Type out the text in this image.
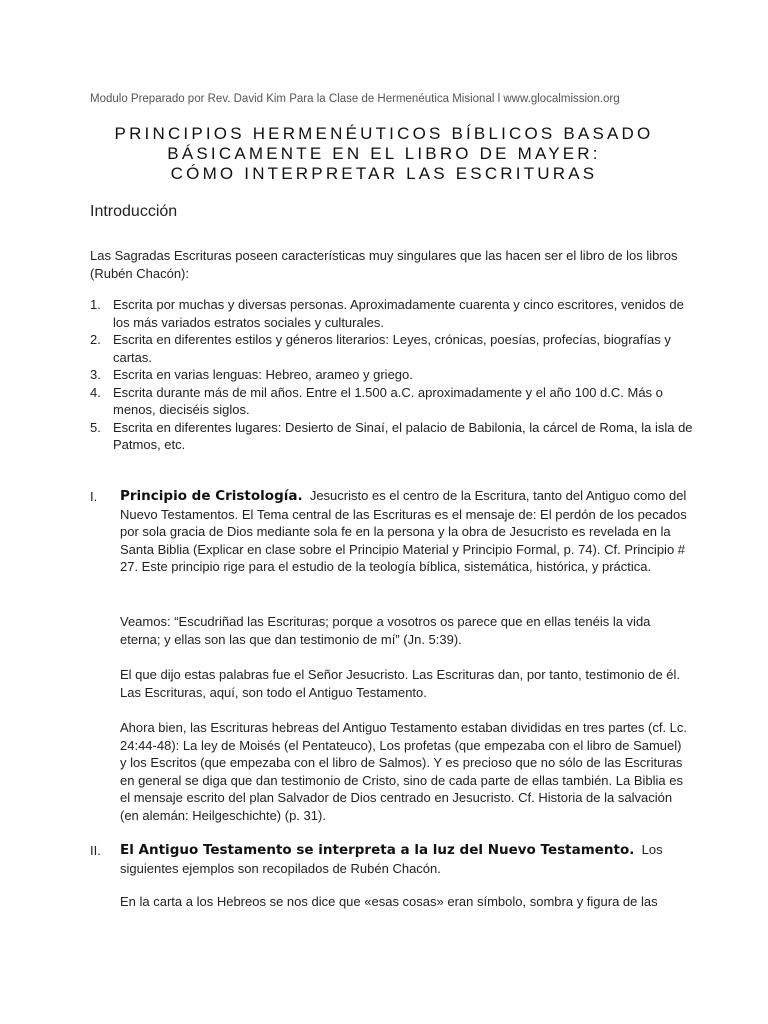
Modulo Preparado por Rev. David Kim Para la Clase de Hermenéutica Misional l www.glocalmission.org
PRINCIPIOS HERMENÉUTICOS BÍBLICOS BASADO
BÁSICAMENTE EN EL LIBRO DE MAYER:
CÓMO INTERPRETAR LAS ESCRITURAS
Introducción
Las Sagradas Escrituras poseen características muy singulares que las hacen ser el libro de los libros (Rubén Chacón):
1. Escrita por muchas y diversas personas. Aproximadamente cuarenta y cinco escritores, venidos de los más variados estratos sociales y culturales.
2. Escrita en diferentes estilos y géneros literarios: Leyes, crónicas, poesías, profecías, biografías y cartas.
3. Escrita en varias lenguas: Hebreo, arameo y griego.
4. Escrita durante más de mil años. Entre el 1.500 a.C. aproximadamente y el año 100 d.C. Más o menos, dieciséis siglos.
5. Escrita en diferentes lugares: Desierto de Sinaí, el palacio de Babilonia, la cárcel de Roma, la isla de Patmos, etc.
I. Principio de Cristología. Jesucristo es el centro de la Escritura, tanto del Antiguo como del Nuevo Testamentos. El Tema central de las Escrituras es el mensaje de: El perdón de los pecados por sola gracia de Dios mediante sola fe en la persona y la obra de Jesucristo es revelada en la Santa Biblia (Explicar en clase sobre el Principio Material y Principio Formal, p. 74). Cf. Principio # 27. Este principio rige para el estudio de la teología bíblica, sistemática, histórica, y práctica.
Veamos: “Escudriñad las Escrituras; porque a vosotros os parece que en ellas tenéis la vida eterna; y ellas son las que dan testimonio de mí” (Jn. 5:39).
El que dijo estas palabras fue el Señor Jesucristo. Las Escrituras dan, por tanto, testimonio de él. Las Escrituras, aquí, son todo el Antiguo Testamento.
Ahora bien, las Escrituras hebreas del Antiguo Testamento estaban divididas en tres partes (cf. Lc. 24:44-48): La ley de Moisés (el Pentateuco), Los profetas (que empezaba con el libro de Samuel) y los Escritos (que empezaba con el libro de Salmos). Y es precioso que no sólo de las Escrituras en general se diga que dan testimonio de Cristo, sino de cada parte de ellas también. La Biblia es el mensaje escrito del plan Salvador de Dios centrado en Jesucristo. Cf. Historia de la salvación (en alemán: Heilgeschichte) (p. 31).
II. El Antiguo Testamento se interpreta a la luz del Nuevo Testamento. Los siguientes ejemplos son recopilados de Rubén Chacón.
En la carta a los Hebreos se nos dice que «esas cosas» eran símbolo, sombra y figura de las
